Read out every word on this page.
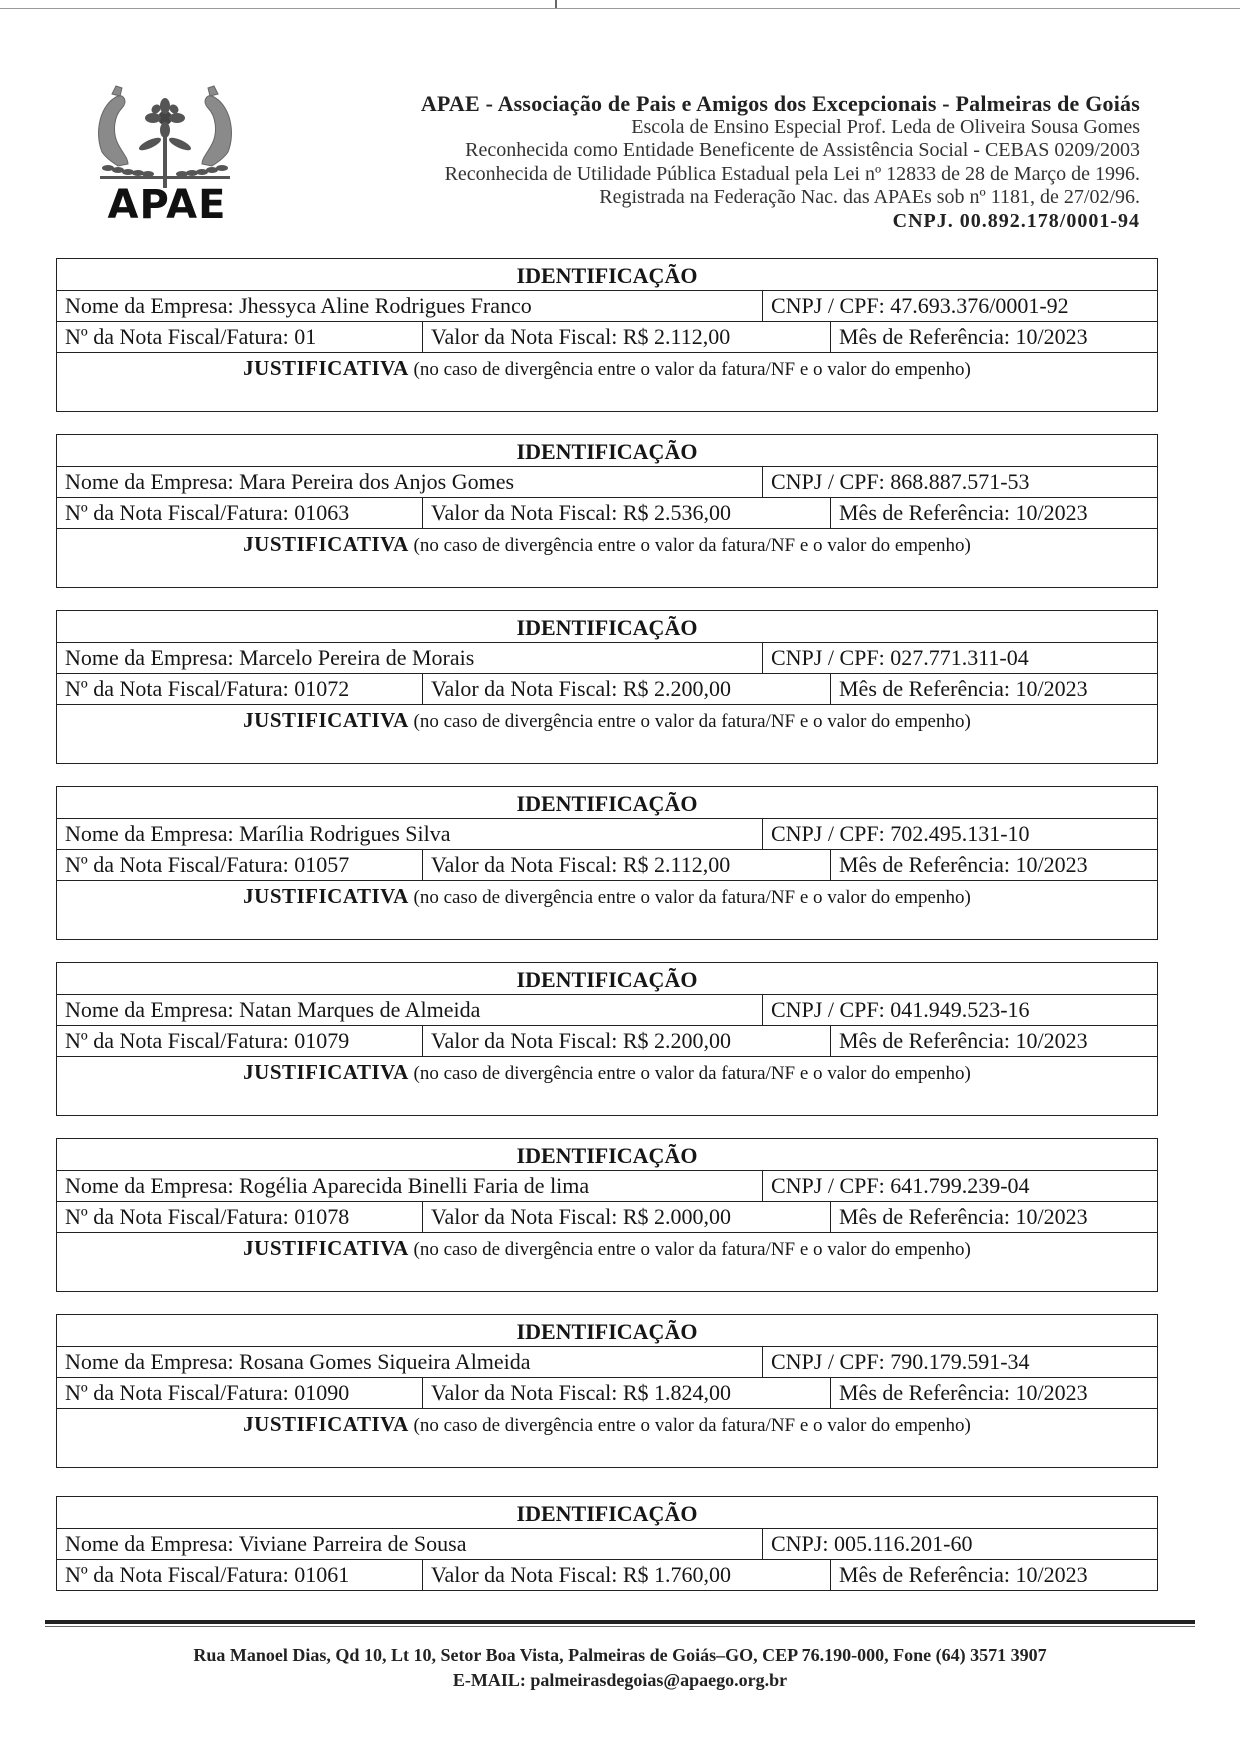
APAE
APAE - Associação de Pais e Amigos dos Excepcionais - Palmeiras de Goiás
Escola de Ensino Especial Prof. Leda de Oliveira Sousa Gomes
Reconhecida como Entidade Beneficente de Assistência Social - CEBAS 0209/2003
Reconhecida de Utilidade Pública Estadual pela Lei nº 12833 de 28 de Março de 1996.
Registrada na Federação Nac. das APAEs sob nº 1181, de 27/02/96.
CNPJ. 00.892.178/0001-94
IDENTIFICAÇÃO
Nome da Empresa: Jhessyca Aline Rodrigues Franco	CNPJ / CPF: 47.693.376/0001-92
Nº da Nota Fiscal/Fatura: 01	Valor da Nota Fiscal: R$ 2.112,00	Mês de Referência: 10/2023
JUSTIFICATIVA (no caso de divergência entre o valor da fatura/NF e o valor do empenho)
IDENTIFICAÇÃO
Nome da Empresa: Mara Pereira dos Anjos Gomes	CNPJ / CPF: 868.887.571-53
Nº da Nota Fiscal/Fatura: 01063	Valor da Nota Fiscal: R$ 2.536,00	Mês de Referência: 10/2023
JUSTIFICATIVA (no caso de divergência entre o valor da fatura/NF e o valor do empenho)
IDENTIFICAÇÃO
Nome da Empresa: Marcelo Pereira de Morais	CNPJ / CPF: 027.771.311-04
Nº da Nota Fiscal/Fatura: 01072	Valor da Nota Fiscal: R$ 2.200,00	Mês de Referência: 10/2023
JUSTIFICATIVA (no caso de divergência entre o valor da fatura/NF e o valor do empenho)
IDENTIFICAÇÃO
Nome da Empresa: Marília Rodrigues Silva	CNPJ / CPF: 702.495.131-10
Nº da Nota Fiscal/Fatura: 01057	Valor da Nota Fiscal: R$ 2.112,00	Mês de Referência: 10/2023
JUSTIFICATIVA (no caso de divergência entre o valor da fatura/NF e o valor do empenho)
IDENTIFICAÇÃO
Nome da Empresa: Natan Marques de Almeida	CNPJ / CPF: 041.949.523-16
Nº da Nota Fiscal/Fatura: 01079	Valor da Nota Fiscal: R$ 2.200,00	Mês de Referência: 10/2023
JUSTIFICATIVA (no caso de divergência entre o valor da fatura/NF e o valor do empenho)
IDENTIFICAÇÃO
Nome da Empresa: Rogélia Aparecida Binelli Faria de lima	CNPJ / CPF: 641.799.239-04
Nº da Nota Fiscal/Fatura: 01078	Valor da Nota Fiscal: R$ 2.000,00	Mês de Referência: 10/2023
JUSTIFICATIVA (no caso de divergência entre o valor da fatura/NF e o valor do empenho)
IDENTIFICAÇÃO
Nome da Empresa: Rosana Gomes Siqueira Almeida	CNPJ / CPF: 790.179.591-34
Nº da Nota Fiscal/Fatura: 01090	Valor da Nota Fiscal: R$ 1.824,00	Mês de Referência: 10/2023
JUSTIFICATIVA (no caso de divergência entre o valor da fatura/NF e o valor do empenho)
IDENTIFICAÇÃO
Nome da Empresa: Viviane Parreira de Sousa	CNPJ: 005.116.201-60
Nº da Nota Fiscal/Fatura: 01061	Valor da Nota Fiscal: R$ 1.760,00	Mês de Referência: 10/2023
Rua Manoel Dias, Qd 10, Lt 10, Setor Boa Vista, Palmeiras de Goiás–GO, CEP 76.190-000, Fone (64) 3571 3907
E-MAIL: palmeirasdegoias@apaego.org.br
